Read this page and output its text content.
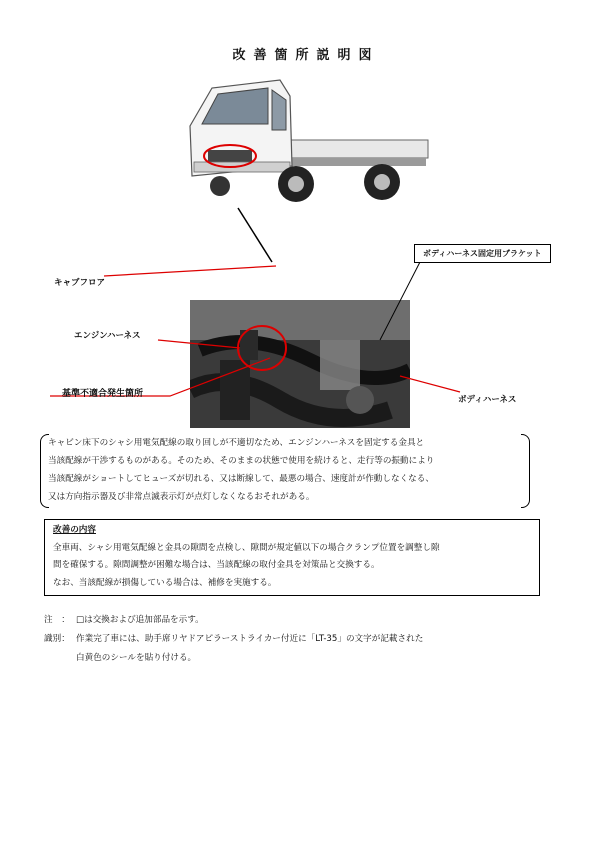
改善箇所説明図
キャブフロア
エンジンハーネス
基準不適合発生箇所
ボディハーネス固定用ブラケット
ボディハーネス

キャビン床下のシャシ用電気配線の取り回しが不適切なため、エンジンハーネスを固定する金具と

当該配線が干渉するものがある。そのため、そのままの状態で使用を続けると、走行等の振動により

当該配線がショートしてヒューズが切れる、又は断線して、最悪の場合、速度計が作動しなくなる、

又は方向指示器及び非常点滅表示灯が点灯しなくなるおそれがある。

改善の内容

全車両、シャシ用電気配線と金具の隙間を点検し、隙間が規定値以下の場合クランプ位置を調整し隙

間を確保する。隙間調整が困難な場合は、当該配線の取付金具を対策品と交換する。

なお、当該配線が損傷している場合は、補修を実施する。

注　： □は交換および追加部品を示す。
識別： 作業完了車には、助手席リヤドアピラーストライカー付近に「LT-35」の文字が記載された
白黄色のシールを貼り付ける。
